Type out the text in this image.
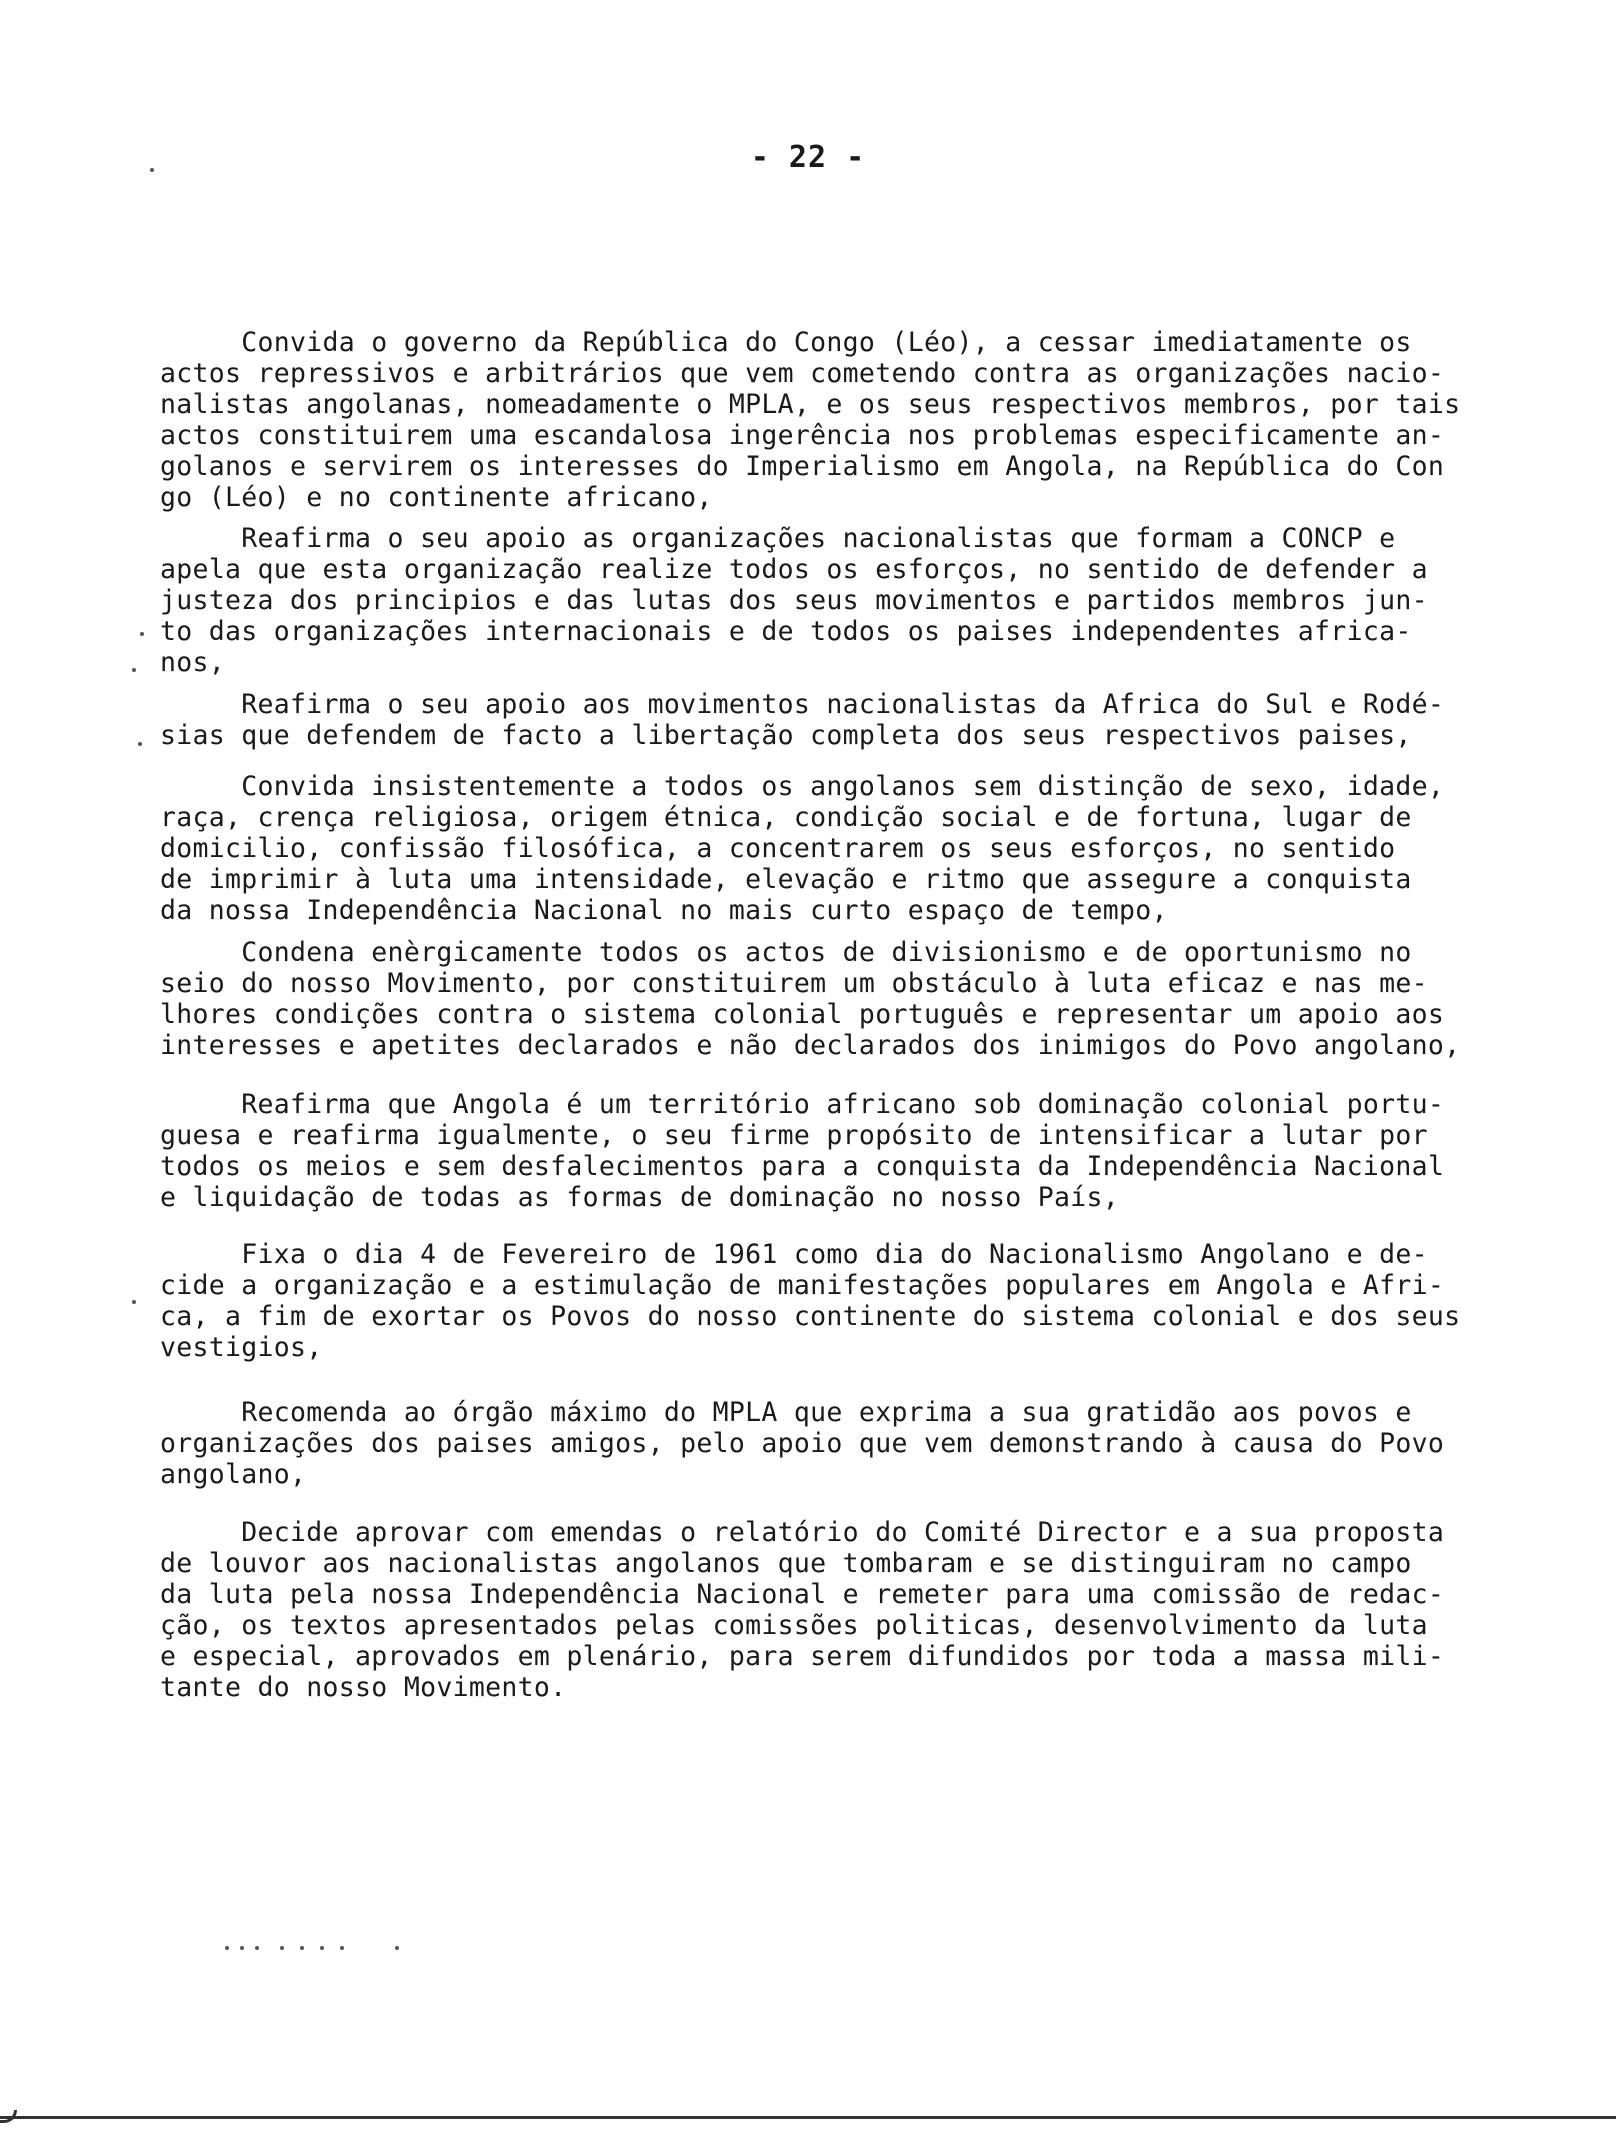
- 22 -
Convida o governo da República do Congo (Léo), a cessar imediatamente os
actos repressivos e arbitrários que vem cometendo contra as organizações nacio-
nalistas angolanas, nomeadamente o MPLA, e os seus respectivos membros, por tais
actos constituirem uma escandalosa ingerência nos problemas especificamente an-
golanos e servirem os interesses do Imperialismo em Angola, na República do Con
go (Léo) e no continente africano,
Reafirma o seu apoio as organizações nacionalistas que formam a CONCP e
apela que esta organização realize todos os esforços, no sentido de defender a
justeza dos principios e das lutas dos seus movimentos e partidos membros jun-
to das organizações internacionais e de todos os paises independentes africa-
nos,
Reafirma o seu apoio aos movimentos nacionalistas da Africa do Sul e Rodé-
sias que defendem de facto a libertação completa dos seus respectivos paises,
Convida insistentemente a todos os angolanos sem distinção de sexo, idade,
raça, crença religiosa, origem étnica, condição social e de fortuna, lugar de
domicilio, confissão filosófica, a concentrarem os seus esforços, no sentido
de imprimir à luta uma intensidade, elevação e ritmo que assegure a conquista
da nossa Independência Nacional no mais curto espaço de tempo,
Condena enèrgicamente todos os actos de divisionismo e de oportunismo no
seio do nosso Movimento, por constituirem um obstáculo à luta eficaz e nas me-
lhores condições contra o sistema colonial português e representar um apoio aos
interesses e apetites declarados e não declarados dos inimigos do Povo angolano,
Reafirma que Angola é um território africano sob dominação colonial portu-
guesa e reafirma igualmente, o seu firme propósito de intensificar a lutar por
todos os meios e sem desfalecimentos para a conquista da Independência Nacional
e liquidação de todas as formas de dominação no nosso País,
Fixa o dia 4 de Fevereiro de 1961 como dia do Nacionalismo Angolano e de-
cide a organização e a estimulação de manifestações populares em Angola e Afri-
ca, a fim de exortar os Povos do nosso continente do sistema colonial e dos seus
vestigios,
Recomenda ao órgão máximo do MPLA que exprima a sua gratidão aos povos e
organizações dos paises amigos, pelo apoio que vem demonstrando à causa do Povo
angolano,
Decide aprovar com emendas o relatório do Comité Director e a sua proposta
de louvor aos nacionalistas angolanos que tombaram e se distinguiram no campo
da luta pela nossa Independência Nacional e remeter para uma comissão de redac-
ção, os textos apresentados pelas comissões politicas, desenvolvimento da luta
e especial, aprovados em plenário, para serem difundidos por toda a massa mili-
tante do nosso Movimento.
